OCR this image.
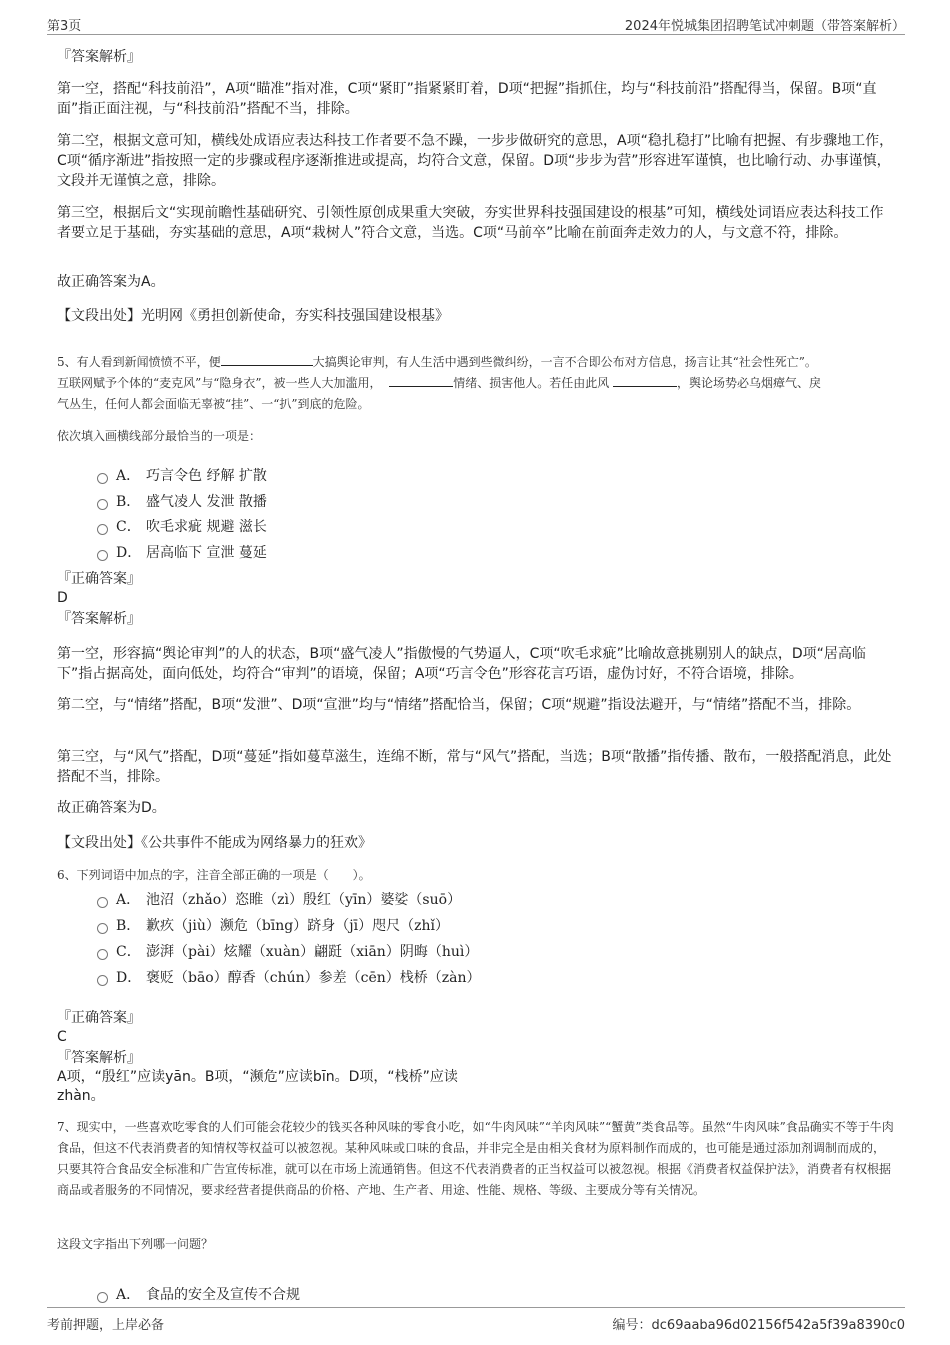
第3页	2024年悦城集团招聘笔试冲刺题（带答案解析）
『答案解析』
第一空，搭配“科技前沿”，A项“瞄准”指对准，C项“紧盯”指紧紧盯着，D项“把握”指抓住，均与“科技前沿”搭配得当，保留。B项“直面”指正面注视，与“科技前沿”搭配不当，排除。
第二空，根据文意可知，横线处成语应表达科技工作者要不急不躁，一步步做研究的意思，A项“稳扎稳打”比喻有把握、有步骤地工作，C项“循序渐进”指按照一定的步骤或程序逐渐推进或提高，均符合文意，保留。D项“步步为营”形容进军谨慎，也比喻行动、办事谨慎，文段并无谨慎之意，排除。
第三空，根据后文“实现前瞻性基础研究、引领性原创成果重大突破，夯实世界科技强国建设的根基”可知，横线处词语应表达科技工作者要立足于基础，夯实基础的意思，A项“栽树人”符合文意，当选。C项“马前卒”比喻在前面奔走效力的人，与文意不符，排除。
故正确答案为A。
【文段出处】光明网《勇担创新使命，夯实科技强国建设根基》
5、有人看到新闻愤愤不平，便	大搞舆论审判，有人生活中遇到些微纠纷，一言不合即公布对方信息，扬言让其“社会性死亡”。
互联网赋予个体的“麦克风”与“隐身衣”，被一些人大加滥用，	情绪、损害他人。若任由此风	，舆论场势必乌烟瘴气、戾
气丛生，任何人都会面临无辜被“挂”、一“扒”到底的危险。
依次填入画横线部分最恰当的一项是：
A． 巧言令色 纾解 扩散
B． 盛气凌人 发泄 散播
C． 吹毛求疵 规避 滋长
D． 居高临下 宣泄 蔓延
『正确答案』
D
『答案解析』
第一空，形容搞“舆论审判”的人的状态，B项“盛气凌人”指傲慢的气势逼人，C项“吹毛求疵”比喻故意挑剔别人的缺点，D项“居高临下”指占据高处，面向低处，均符合“审判”的语境，保留；A项“巧言令色”形容花言巧语，虚伪讨好，不符合语境，排除。
第二空，与“情绪”搭配，B项“发泄”、D项“宣泄”均与“情绪”搭配恰当，保留；C项“规避”指设法避开，与“情绪”搭配不当，排除。
第三空，与“风气”搭配，D项“蔓延”指如蔓草滋生，连绵不断，常与“风气”搭配，当选；B项“散播”指传播、散布，一般搭配消息，此处搭配不当，排除。
故正确答案为D。
【文段出处】《公共事件不能成为网络暴力的狂欢》
6、下列词语中加点的字，注音全部正确的一项是（　　）。
A． 池沼（zhǎo）恣睢（zì）殷红（yīn）婆娑（suō）
B． 歉疚（jiù）濒危（bīng）跻身（jī）咫尺（zhǐ）
C． 澎湃（pài）炫耀（xuàn）翩跹（xiān）阴晦（huì）
D． 褒贬（bāo）醇香（chún）参差（cēn）栈桥（zàn）
『正确答案』
C
『答案解析』
A项，“殷红”应读yān。B项，“濒危”应读bīn。D项，“栈桥”应读
zhàn。
7、现实中，一些喜欢吃零食的人们可能会花较少的钱买各种风味的零食小吃，如“牛肉风味”“羊肉风味”“蟹黄”类食品等。虽然“牛肉风味”食品确实不等于牛肉食品，但这不代表消费者的知情权等权益可以被忽视。某种风味或口味的食品，并非完全是由相关食材为原料制作而成的，也可能是通过添加剂调制而成的，只要其符合食品安全标准和广告宣传标准，就可以在市场上流通销售。但这不代表消费者的正当权益可以被忽视。根据《消费者权益保护法》，消费者有权根据商品或者服务的不同情况，要求经营者提供商品的价格、产地、生产者、用途、性能、规格、等级、主要成分等有关情况。
这段文字指出下列哪一问题？
A． 食品的安全及宣传不合规
考前押题，上岸必备	编号：dc69aaba96d02156f542a5f39a8390c0
